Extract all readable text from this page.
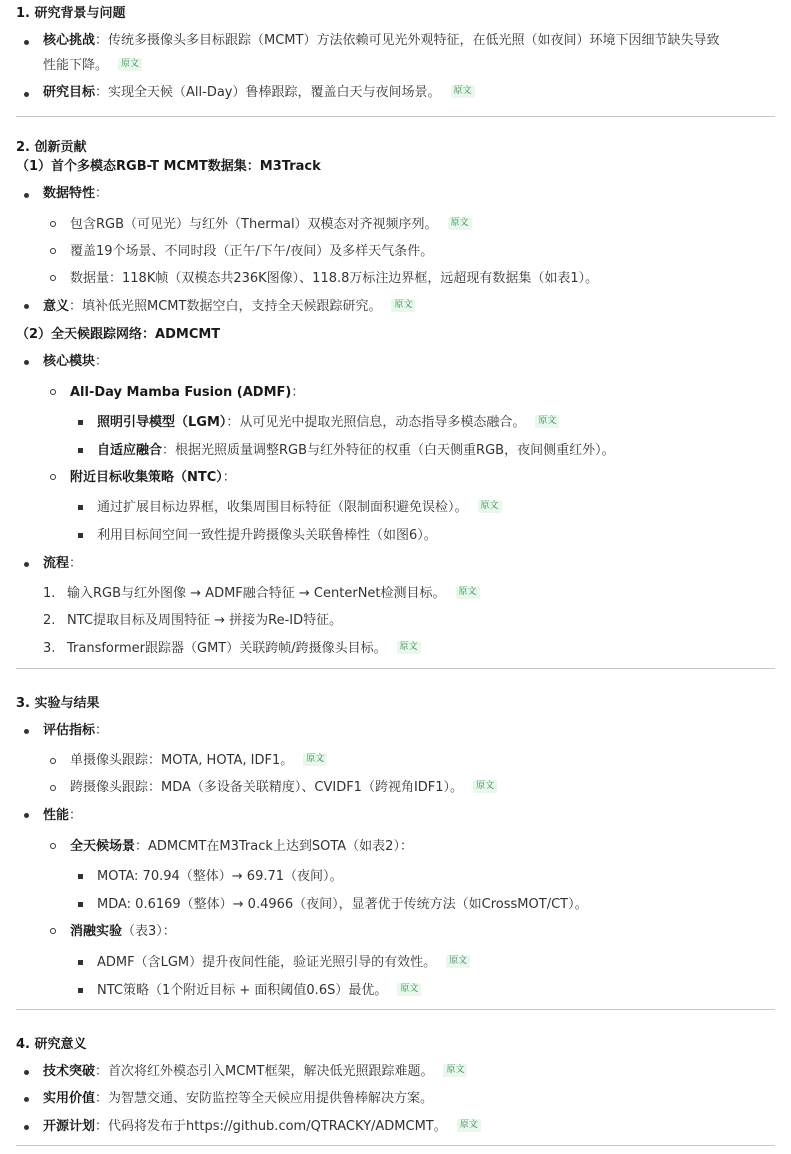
1. 研究背景与问题
核心挑战：传统多摄像头多目标跟踪（MCMT）方法依赖可见光外观特征，在低光照（如夜间）环境下因细节缺失导致
性能下降。 原文
研究目标：实现全天候（All-Day）鲁棒跟踪，覆盖白天与夜间场景。 原文
2. 创新贡献
（1）首个多模态RGB-T MCMT数据集：M3Track
数据特性：
包含RGB（可见光）与红外（Thermal）双模态对齐视频序列。 原文
覆盖19个场景、不同时段（正午/下午/夜间）及多样天气条件。
数据量：118K帧（双模态共236K图像）、118.8万标注边界框，远超现有数据集（如表1）。
意义：填补低光照MCMT数据空白，支持全天候跟踪研究。 原文
（2）全天候跟踪网络：ADMCMT
核心模块：
All-Day Mamba Fusion (ADMF)：
照明引导模型（LGM）：从可见光中提取光照信息，动态指导多模态融合。 原文
自适应融合：根据光照质量调整RGB与红外特征的权重（白天侧重RGB，夜间侧重红外）。
附近目标收集策略（NTC）：
通过扩展目标边界框，收集周围目标特征（限制面积避免误检）。 原文
利用目标间空间一致性提升跨摄像头关联鲁棒性（如图6）。
流程：
1. 输入RGB与红外图像 → ADMF融合特征 → CenterNet检测目标。 原文
2. NTC提取目标及周围特征 → 拼接为Re-ID特征。
3. Transformer跟踪器（GMT）关联跨帧/跨摄像头目标。 原文
3. 实验与结果
评估指标：
单摄像头跟踪：MOTA, HOTA, IDF1。 原文
跨摄像头跟踪：MDA（多设备关联精度）、CVIDF1（跨视角IDF1）。 原文
性能：
全天候场景：ADMCMT在M3Track上达到SOTA（如表2）：
MOTA: 70.94（整体）→ 69.71（夜间）。
MDA: 0.6169（整体）→ 0.4966（夜间），显著优于传统方法（如CrossMOT/CT）。
消融实验（表3）：
ADMF（含LGM）提升夜间性能，验证光照引导的有效性。 原文
NTC策略（1个附近目标 + 面积阈值0.6S）最优。 原文
4. 研究意义
技术突破：首次将红外模态引入MCMT框架，解决低光照跟踪难题。 原文
实用价值：为智慧交通、安防监控等全天候应用提供鲁棒解决方案。
开源计划：代码将发布于https://github.com/QTRACKY/ADMCMT。 原文
